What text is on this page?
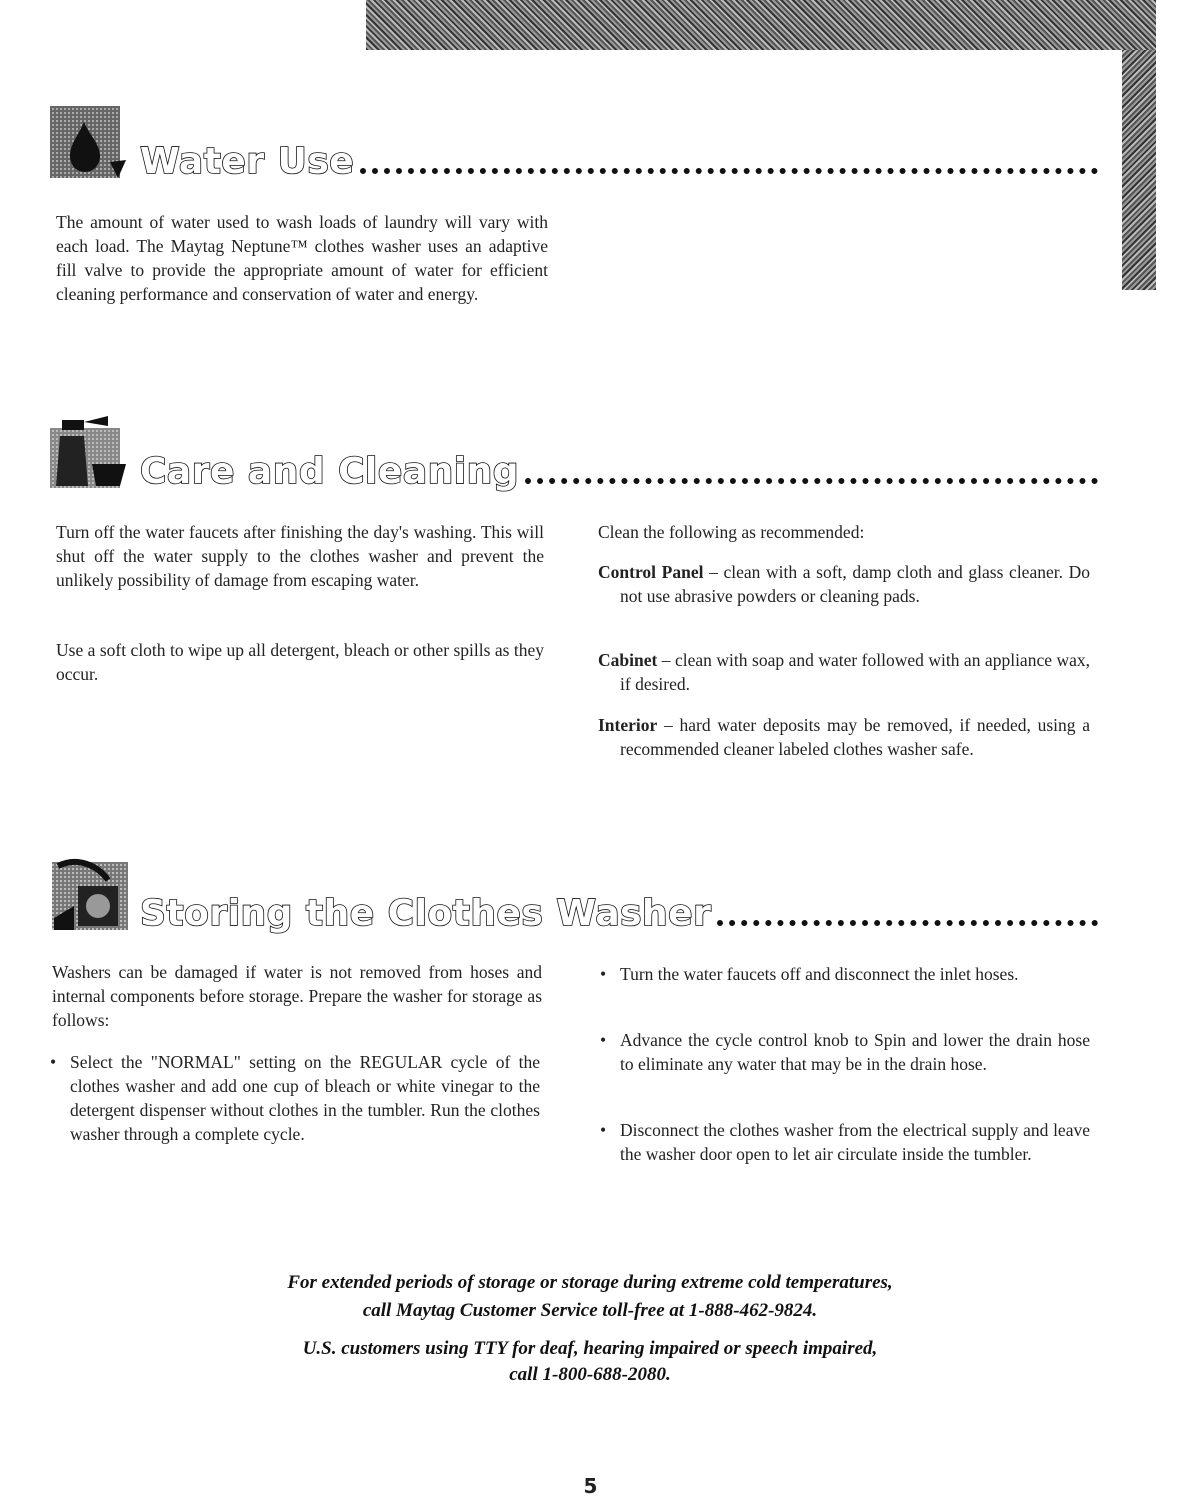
Water Use

The amount of water used to wash loads of laundry will vary with each load. The Maytag Neptune™ clothes washer uses an adaptive fill valve to provide the appropriate amount of water for efficient cleaning performance and conservation of water and energy.

Care and Cleaning

Turn off the water faucets after finishing the day's washing. This will shut off the water supply to the clothes washer and prevent the unlikely possibility of damage from escaping water.

Use a soft cloth to wipe up all detergent, bleach or other spills as they occur.

Clean the following as recommended:

Control Panel – clean with a soft, damp cloth and glass cleaner. Do not use abrasive powders or cleaning pads.

Cabinet – clean with soap and water followed with an appliance wax, if desired.

Interior – hard water deposits may be removed, if needed, using a recommended cleaner labeled clothes washer safe.

Storing the Clothes Washer

Washers can be damaged if water is not removed from hoses and internal components before storage. Prepare the washer for storage as follows:

• Select the "NORMAL" setting on the REGULAR cycle of the clothes washer and add one cup of bleach or white vinegar to the detergent dispenser without clothes in the tumbler. Run the clothes washer through a complete cycle.

• Turn the water faucets off and disconnect the inlet hoses.

• Advance the cycle control knob to Spin and lower the drain hose to eliminate any water that may be in the drain hose.

• Disconnect the clothes washer from the electrical supply and leave the washer door open to let air circulate inside the tumbler.

For extended periods of storage or storage during extreme cold temperatures,
call Maytag Customer Service toll-free at 1-888-462-9824.
U.S. customers using TTY for deaf, hearing impaired or speech impaired,
call 1-800-688-2080.
5
